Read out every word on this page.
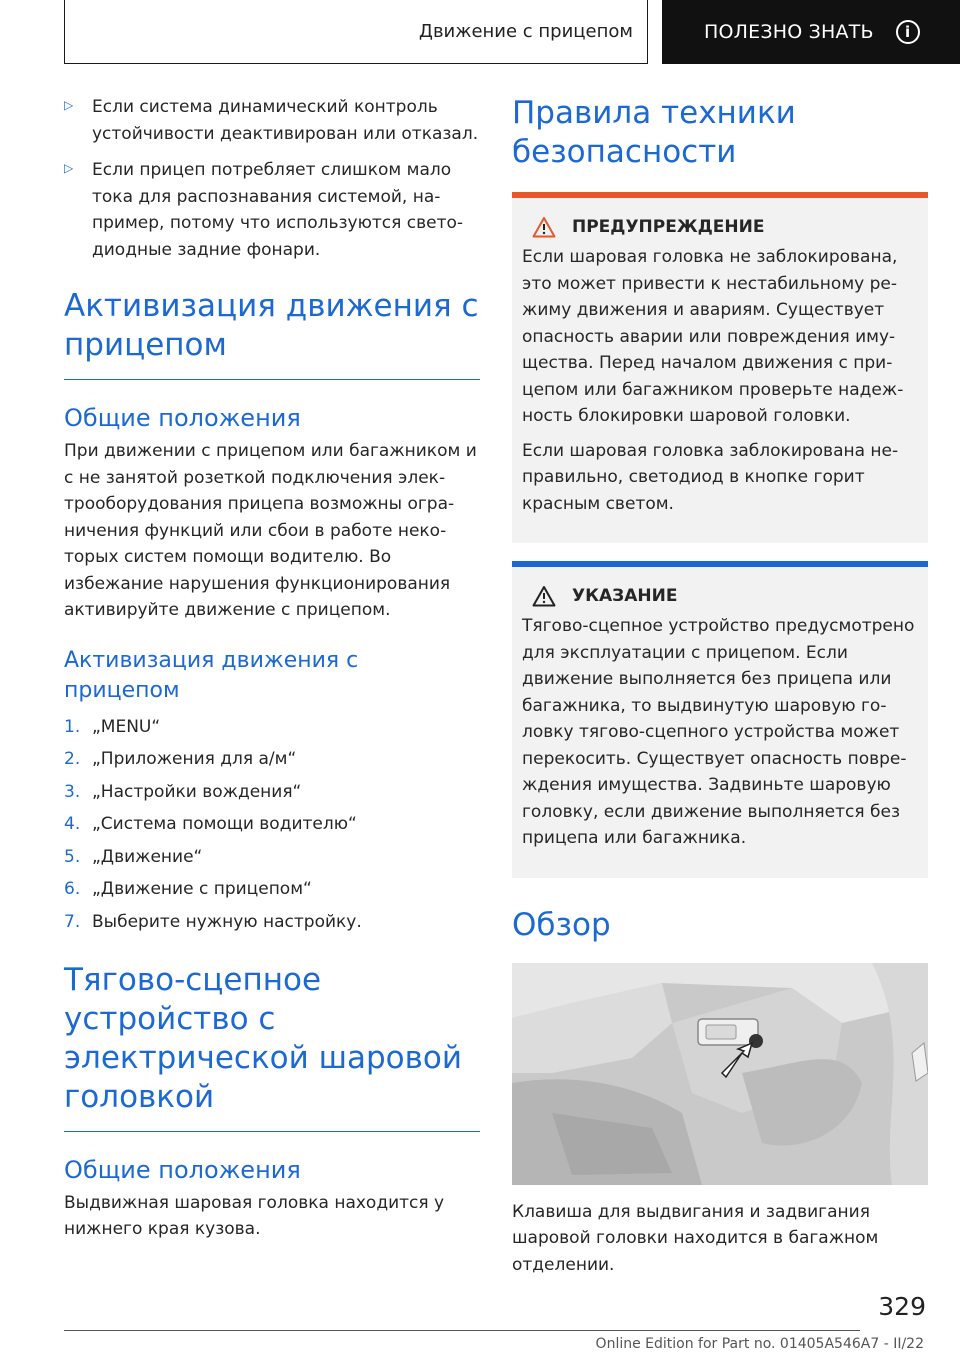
Движение с прицепом	ПОЛЕЗНО ЗНАТЬ i
▷	Если система динамический контроль устойчивости деактивирован или отказал.

▷	Если прицеп потребляет слишком мало тока для распознавания системой, например, потому что используются светодиодные задние фонари.

Активизация движения с прицепом
Общие положения

При движении с прицепом или багажником и с не занятой розеткой подключения электрооборудования прицепа возможны ограничения функций или сбои в работе некоторых систем помощи водителю. Во избежание нарушения функционирования активируйте движение с прицепом.

Активизация движения с прицепом
1. „MENU“
2. „Приложения для а/м“
3. „Настройки вождения“
4. „Система помощи водителю“
5. „Движение“
6. „Движение с прицепом“
7. Выберите нужную настройку.
Тягово-сцепное устройство с электрической шаровой головкой
Общие положения

Выдвижная шаровая головка находится у нижнего края кузова.

Правила техники безопасности
ПРЕДУПРЕЖДЕНИЕ

Если шаровая головка не заблокирована, это может привести к нестабильному режиму движения и авариям. Существует опасность аварии или повреждения имущества. Перед началом движения с прицепом или багажником проверьте надежность блокировки шаровой головки.

Если шаровая головка заблокирована неправильно, светодиод в кнопке горит красным светом.

УКАЗАНИЕ

Тягово-сцепное устройство предусмотрено для эксплуатации с прицепом. Если движение выполняется без прицепа или багажника, то выдвинутую шаровую головку тягово-сцепного устройства может перекосить. Существует опасность повреждения имущества. Задвиньте шаровую головку, если движение выполняется без прицепа или багажника.

Обзор

Клавиша для выдвигания и задвигания шаровой головки находится в багажном отделении.

329
Online Edition for Part no. 01405A546A7 - II/22
